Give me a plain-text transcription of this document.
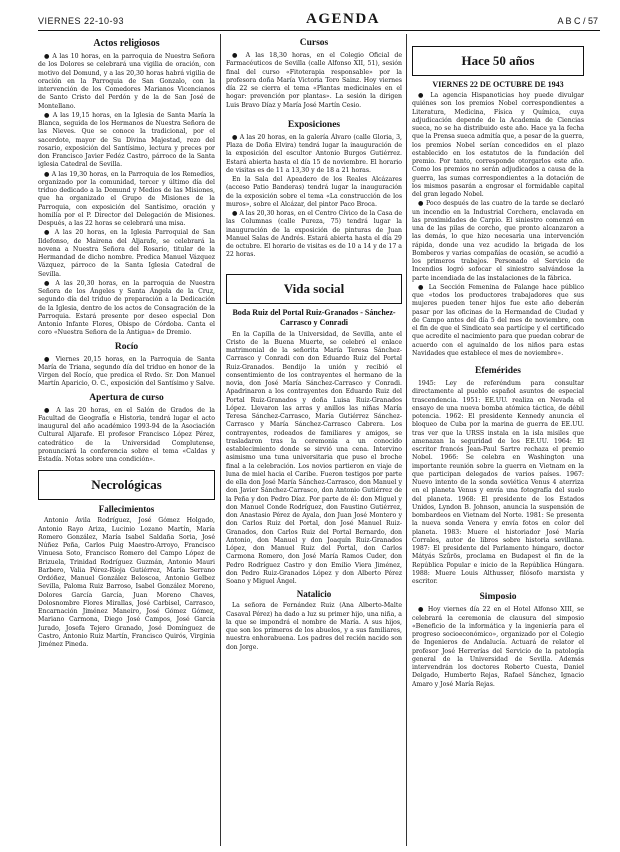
VIERNES 22-10-93	AGENDA	A B C / 57
Actos religiosos

● A las 10 horas, en la parroquia de Nuestra Señora de los Dolores se celebrará una vigilia de oración, con motivo del Domund, y a las 20,30 horas habrá vigilia de oración en la Parroquia de San Gonzalo, con la intervención de los Comedores Marianos Vicencianos de Santo Cristo del Perdón y de la de San José de Montellano.

● A las 19,15 horas, en la Iglesia de Santa María la Blanca, seguida de los Hermanos de Nuestra Señora de las Nieves. Que se conoce la tradicional, por el sacerdote, mayor de Su Divina Majestad, rezo del rosario, exposición del Santísimo, lectura y preces por don Francisco Javier Fedéz Castro, párroco de la Santa iglesia Catedral de Sevilla.

● A las 19,30 horas, en la Parroquia de los Remedios, organizado por la comunidad, tercer y último día del triduo dedicado a la Domund y Medios de las Misiones, que ha organizado el Grupo de Misiones de la Parroquia, con exposición del Santísimo, oración y homilía por el P. Director del Delegación de Misiones. Después, a las 22 horas se celebrará una misa.

● A las 20 horas, en la Iglesia Parroquial de San Ildefonso, de Mairena del Aljarafe, se celebrará la novena a Nuestra Señora del Rosario, titular de la Hermandad de dicho nombre. Predica Manuel Vázquez Vázquez, párroco de la Santa Iglesia Catedral de Sevilla.

● A las 20,30 horas, en la parroquia de Nuestra Señora de los Ángeles y Santa Ángela de la Cruz, segundo día del triduo de preparación a la Dedicación de la Iglesia, dentro de los actos de Consagración de la Parroquia. Estará presente por deseo especial Don Antonio Infante Flores, Obispo de Córdoba. Canta el coro «Nuestra Señora de la Antigua» de Dremio.

Rocío

● Viernes 20,15 horas, en la Parroquia de Santa María de Triana, segundo día del triduo en honor de la Virgen del Rocío, que predica el Rvdo. Sr. Don Manuel Martín Aparicio, O. C., exposición del Santísimo y Salve.

Apertura de curso

● A las 20 horas, en el Salón de Grados de la Facultad de Geografía e Historia, tendrá lugar el acto inaugural del año académico 1993-94 de la Asociación Cultural Aljarafe. El profesor Francisco López Pérez, catedrático de la Universidad Complutense, pronunciará la conferencia sobre el tema «Caldas y Estadía. Notas sobre una condición».

Necrológicas
Fallecimientos

Antonio Ávila Rodríguez, José Gómez Holgado, Antonio Rayo Ariza, Lucinio Lozano Martín, María Romero González, María Isabel Saldaña Soria, José Núñez Peña, Carlos Puig Maestro-Arroyo, Francisco Vinuesa Soto, Francisco Romero del Campo López de Brizuela, Trinidad Rodríguez Guzmán, Antonio Mauri Barbero, Valia Pérez-Rioja Gutiérrez, María Serrano Ordóñez, Manuel González Beloscoa, Antonio Gelbez Sevilla, Paloma Ruiz Barroso, Isabel González Moreno, Dolores García García, Juan Moreno Chaves, Dolosnombre Flores Mirallas, José Carbisel, Carrasco, Encarnación Jiménez Maneiro, José Gómez Gómez, Mariano Carmona, Diego José Campos, José García Jurado, Josefa Tejero Granado, José Domínguez de Castro, Antonio Ruiz Martín, Francisco Quirós, Virginia Jiménez Pineda.

Cursos

● A las 18,30 horas, en el Colegio Oficial de Farmacéuticos de Sevilla (calle Alfonso XII, 51), sesión final del curso «Fitoterapia responsable» por la profesora doña María Victoria Toro Sainz. Hoy viernes día 22 se cierra el tema «Plantas medicinales en el hogar: prevención por plantas». La sesión la dirigen Luis Bravo Díaz y María José Martín Cesio.

Exposiciones

● A las 20 horas, en la galería Álvaro (calle Gloria, 3, Plaza de Doña Elvira) tendrá lugar la inauguración de la exposición del escultor Antonio Burgos Gutiérrez. Estará abierta hasta el día 15 de noviembre. El horario de visitas es de 11 a 13,30 y de 18 a 21 horas.

En la Sala del Apeadero de los Reales Alcázares (acceso Patio Banderas) tendrá lugar la inauguración de la exposición sobre el tema «La construcción de los muros», sobre el Alcázar, del pintor Paco Broca.

● A las 20,30 horas, en el Centro Cívico de la Casa de las Columnas (calle Pureza, 75) tendrá lugar la inauguración de la exposición de pinturas de Juan Manuel Salas de Andrés. Estará abierta hasta el día 29 de octubre. El horario de visitas es de 10 a 14 y de 17 a 22 horas.

Vida social
Boda Ruiz del Portal Ruiz-Granados - Sánchez-Carrasco y Conradi

En la Capilla de la Universidad, de Sevilla, ante el Cristo de la Buena Muerte, se celebró el enlace matrimonial de la señorita María Teresa Sánchez-Carrasco y Conradi con don Eduardo Ruiz del Portal Ruiz-Granados. Bendijo la unión y recibió el consentimiento de los contrayentes el hermano de la novia, don José María Sánchez-Carrasco y Conradi. Apadrinaron a los contrayentes don Eduardo Ruiz del Portal Ruiz-Granados y doña Luisa Ruiz-Granados López. Llevaron las arras y anillos las niñas María Teresa Sánchez-Carrasco, María Gutiérrez Sánchez-Carrasco y María Sánchez-Carrasco Cabrera. Los contrayentes, rodeados de familiares y amigos, se trasladaron tras la ceremonia a un conocido establecimiento donde se sirvió una cena. Intervino asimismo una tuna universitaria que puso el broche final a la celebración. Los novios partieron en viaje de luna de miel hacia el Caribe. Fueron testigos por parte de ella don José María Sánchez-Carrasco, don Manuel y don Javier Sánchez-Carrasco, don Antonio Gutiérrez de la Peña y don Pedro Díaz. Por parte de él: don Miguel y don Manuel Conde Rodríguez, don Faustino Gutiérrez, don Anastasio Pérez de Ayala, don Juan José Montero y don Carlos Ruiz del Portal, don José Manuel Ruiz-Granados, don Carlos Ruiz del Portal Bernardo, don Antonio, don Manuel y don Joaquín Ruiz-Granados López, don Manuel Ruiz del Portal, don Carlos Carmona Romero, don José María Ramos Cuder, don Pedro Rodríguez Castro y don Emilio Viera Jiménez, don Pedro Ruiz-Granados López y don Alberto Pérez Soano y Miguel Ángel.

Natalicio

La señora de Fernández Ruiz (Ana Alberto-Malte Casaval Pérez) ha dado a luz su primer hijo, una niña, a la que se impondrá el nombre de María. A sus hijos, que son los primeros de los abuelos, y a sus familiares, nuestra enhorabuena. Los padres del recién nacido son don Jorge.

Hace 50 años
VIERNES 22 DE OCTUBRE DE 1943

● La agencia Hispanoticias hoy puede divulgar quiénes son los premios Nobel correspondientes a Literatura, Medicina, Física y Química, cuya adjudicación depende de la Academia de Ciencias sueca, no se ha distribuido este año. Hace ya la fecha que la Prensa sueca admitía que, a pesar de la guerra, los premios Nobel serían concedidos en el plazo establecido en los estatutos de la fundación del premio. Por tanto, corresponde otorgarlos este año. Como los premios no serán adjudicados a causa de la guerra, las sumas correspondientes a la dotación de los mismos pasarán a engrosar el formidable capital del gran legado Nobel.

● Poco después de las cuatro de la tarde se declaró un incendio en la Industrial Corchera, enclavada en las proximidades de Carpio. El siniestro comenzó en una de las pilas de corcho, que pronto alcanzaron a las demás, lo que hizo necesaria una intervención rápida, donde una vez acudido la brigada de los Bomberos y varias compañías de ocasión, se acudió a los primeros trabajos. Personado el Servicio de Incendios logró sofocar el siniestro salvándose la parte incendiada de las instalaciones de la fábrica.

● La Sección Femenina de Falange hace público que «todos los productores trabajadores que sus mujeres pueden tener hijos fue este año deberán pasar por las oficinas de la Hermandad de Ciudad y de Campo antes del día 5 del mes de noviembre, con el fin de que el Sindicato sea partícipe y el certificado que acredite el nacimiento para que puedan cobrar de acuerdo con el aguinaldo de los niños para estas Navidades que establece el mes de noviembre».

Efemérides

1945: Ley de referéndum para consultar directamente al pueblo español asuntos de especial trascendencia. 1951: EE.UU. realiza en Nevada el ensayo de una nueva bomba atómica táctica, de débil potencia. 1962: El presidente Kennedy anuncia el bloqueo de Cuba por la marina de guerra de EE.UU. tras ver que la URSS instala en la isla misiles que amenazan la seguridad de los EE.UU. 1964: El escritor francés Jean-Paul Sartre rechaza el premio Nobel. 1966: Se celebra en Washington una importante reunión sobre la guerra en Vietnam en la que participan delegados de varios países. 1967: Nuevo intento de la sonda soviética Venus 4 aterriza en el planeta Venus y envía una fotografía del suelo del planeta. 1968: El presidente de los Estados Unidos, Lyndon B. Johnson, anuncia la suspensión de bombardeos en Vietnam del Norte. 1981: Se presenta la nueva sonda Venera y envía fotos en color del planeta. 1983: Muere el historiador José María Corrales, autor de libros sobre historia sevillana. 1987: El presidente del Parlamento húngaro, doctor Mátyás Szűrös, proclama en Budapest el fin de la República Popular e inicio de la República Húngara. 1988: Muere Louis Althusser, filósofo marxista y escritor.

Simposio

● Hoy viernes día 22 en el Hotel Alfonso XIII, se celebrará la ceremonia de clausura del simposio «Beneficio de la informática y la ingeniería para el progreso socioeconómico», organizado por el Colegio de Ingenieros de Andalucía. Actuará de relator el profesor José Herrerías del Servicio de la patología general de la Universidad de Sevilla. Además intervendrán los doctores Roberto Cuesta, Daniel Delgado, Humberto Rejas, Rafael Sánchez, Ignacio Amaro y José María Rejas.
